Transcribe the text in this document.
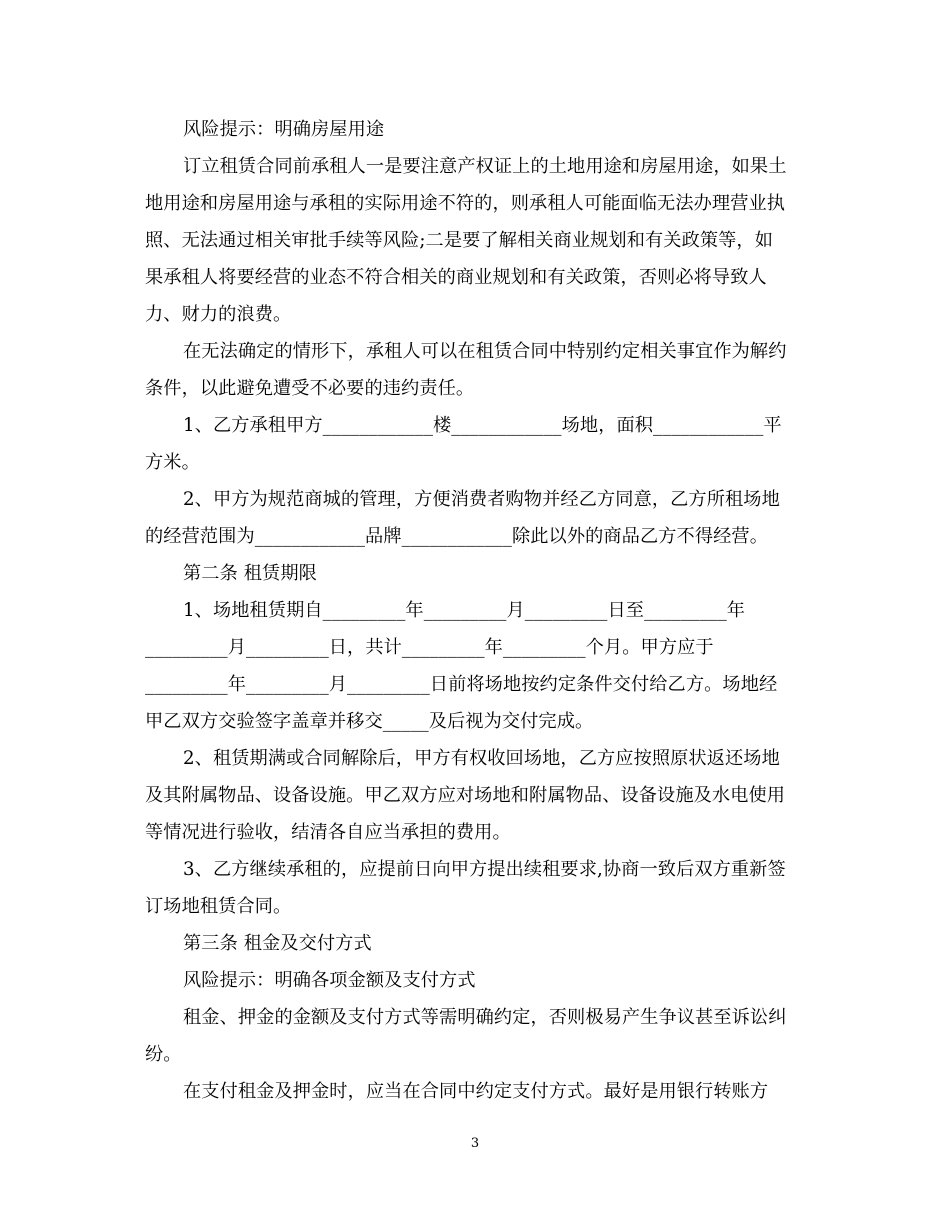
风险提示：明确房屋用途
订立租赁合同前承租人一是要注意产权证上的土地用途和房屋用途，如果土
地用途和房屋用途与承租的实际用途不符的，则承租人可能面临无法办理营业执
照、无法通过相关审批手续等风险;二是要了解相关商业规划和有关政策等，如
果承租人将要经营的业态不符合相关的商业规划和有关政策，否则必将导致人
力、财力的浪费。
在无法确定的情形下，承租人可以在租赁合同中特别约定相关事宜作为解约
条件，以此避免遭受不必要的违约责任。
1、乙方承租甲方____________楼____________场地，面积____________平
方米。
2、甲方为规范商城的管理，方便消费者购物并经乙方同意，乙方所租场地
的经营范围为____________品牌____________除此以外的商品乙方不得经营。
第二条 租赁期限
1、场地租赁期自_________年_________月_________日至_________年
_________月_________日，共计_________年_________个月。甲方应于
_________年_________月_________日前将场地按约定条件交付给乙方。场地经
甲乙双方交验签字盖章并移交_____及后视为交付完成。
2、租赁期满或合同解除后，甲方有权收回场地，乙方应按照原状返还场地
及其附属物品、设备设施。甲乙双方应对场地和附属物品、设备设施及水电使用
等情况进行验收，结清各自应当承担的费用。
3、乙方继续承租的，应提前日向甲方提出续租要求,协商一致后双方重新签
订场地租赁合同。
第三条 租金及交付方式
风险提示：明确各项金额及支付方式
租金、押金的金额及支付方式等需明确约定，否则极易产生争议甚至诉讼纠
纷。
在支付租金及押金时，应当在合同中约定支付方式。最好是用银行转账方
3
